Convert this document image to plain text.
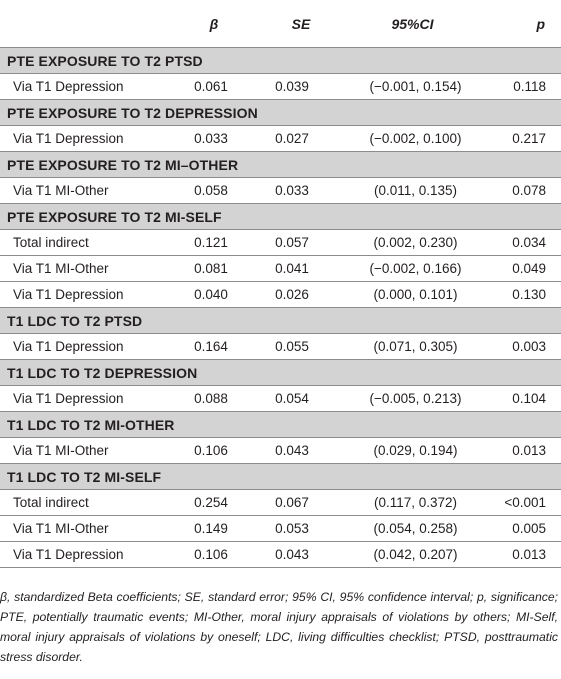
	β	SE	95%CI	p
PTE EXPOSURE TO T2 PTSD				
Via T1 Depression	0.061	0.039	(−0.001, 0.154)	0.118
PTE EXPOSURE TO T2 DEPRESSION				
Via T1 Depression	0.033	0.027	(−0.002, 0.100)	0.217
PTE EXPOSURE TO T2 MI–OTHER				
Via T1 MI-Other	0.058	0.033	(0.011, 0.135)	0.078
PTE EXPOSURE TO T2 MI-SELF				
Total indirect	0.121	0.057	(0.002, 0.230)	0.034
Via T1 MI-Other	0.081	0.041	(−0.002, 0.166)	0.049
Via T1 Depression	0.040	0.026	(0.000, 0.101)	0.130
T1 LDC TO T2 PTSD				
Via T1 Depression	0.164	0.055	(0.071, 0.305)	0.003
T1 LDC TO T2 DEPRESSION				
Via T1 Depression	0.088	0.054	(−0.005, 0.213)	0.104
T1 LDC TO T2 MI-OTHER				
Via T1 MI-Other	0.106	0.043	(0.029, 0.194)	0.013
T1 LDC TO T2 MI-SELF				
Total indirect	0.254	0.067	(0.117, 0.372)	<0.001
Via T1 MI-Other	0.149	0.053	(0.054, 0.258)	0.005
Via T1 Depression	0.106	0.043	(0.042, 0.207)	0.013
β, standardized Beta coefficients; SE, standard error; 95% CI, 95% confidence interval; p, significance; PTE, potentially traumatic events; MI-Other, moral injury appraisals of violations by others; MI-Self, moral injury appraisals of violations by oneself; LDC, living difficulties checklist; PTSD, posttraumatic stress disorder.
